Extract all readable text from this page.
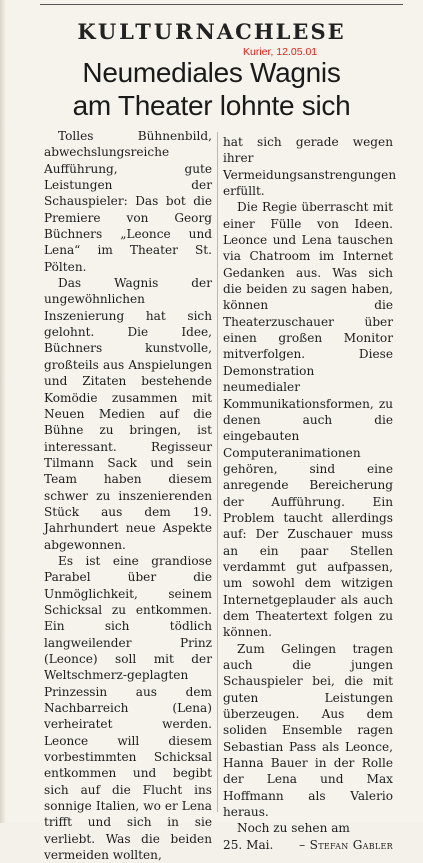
KULTURNACHLESE
Kurier, 12.05.01
Neumediales Wagnis
am Theater lohnte sich

Tolles Bühnenbild, abwechslungsreiche Aufführung, gute Leistungen der Schauspieler: Das bot die Premiere von Georg Büchners „Leonce und Lena“ im Theater St. Pölten.

Das Wagnis der ungewöhnlichen Inszenierung hat sich gelohnt. Die Idee, Büchners kunstvolle, großteils aus Anspielungen und Zitaten bestehende Komödie zusammen mit Neuen Medien auf die Bühne zu bringen, ist interessant. Regisseur Tilmann Sack und sein Team haben diesem schwer zu inszenierenden Stück aus dem 19. Jahrhundert neue Aspekte abgewonnen.

Es ist eine grandiose Parabel über die Unmöglichkeit, seinem Schicksal zu entkommen. Ein sich tödlich langweilender Prinz (Leonce) soll mit der Weltschmerz-geplagten Prinzessin aus dem Nachbarreich (Lena) verheiratet werden. Leonce will diesem vorbestimmten Schicksal entkommen und begibt sich auf die Flucht ins sonnige Italien, wo er Lena trifft und sich in sie verliebt. Was die beiden vermeiden wollten,

hat sich gerade wegen ihrer Vermeidungsanstrengungen erfüllt.

Die Regie überrascht mit einer Fülle von Ideen. Leonce und Lena tauschen via Chatroom im Internet Gedanken aus. Was sich die beiden zu sagen haben, können die Theaterzuschauer über einen großen Monitor mitverfolgen. Diese Demonstration neumedialer Kommunikationsformen, zu denen auch die eingebauten Computeranimationen gehören, sind eine anregende Bereicherung der Aufführung. Ein Problem taucht allerdings auf: Der Zuschauer muss an ein paar Stellen verdammt gut aufpassen, um sowohl dem witzigen Internetgeplauder als auch dem Theatertext folgen zu können.

Zum Gelingen tragen auch die jungen Schauspieler bei, die mit guten Leistungen überzeugen. Aus dem soliden Ensemble ragen Sebastian Pass als Leonce, Hanna Bauer in der Rolle der Lena und Max Hoffmann als Valerio heraus.

Noch zu sehen am

25. Mai. – Stefan Gabler
